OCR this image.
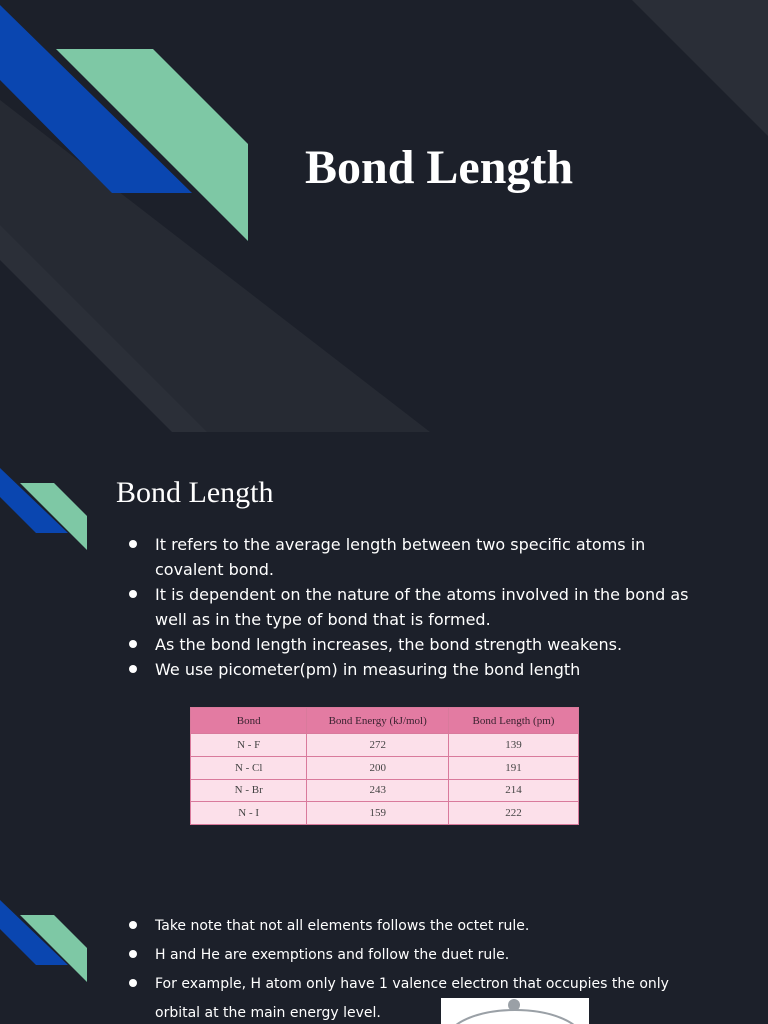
Bond Length
Bond Length
It refers to the average length between two specific atoms in covalent bond.
It is dependent on the nature of the atoms involved in the bond as well as in the type of bond that is formed.
As the bond length increases, the bond strength weakens.
We use picometer(pm) in measuring the bond length
Bond	Bond Energy (kJ/mol)	Bond Length (pm)
N - F	272	139
N - Cl	200	191
N - Br	243	214
N - I	159	222
Take note that not all elements follows the octet rule.
H and He are exemptions and follow the duet rule.
For example, H atom only have 1 valence electron that occupies the only orbital at the main energy level.
